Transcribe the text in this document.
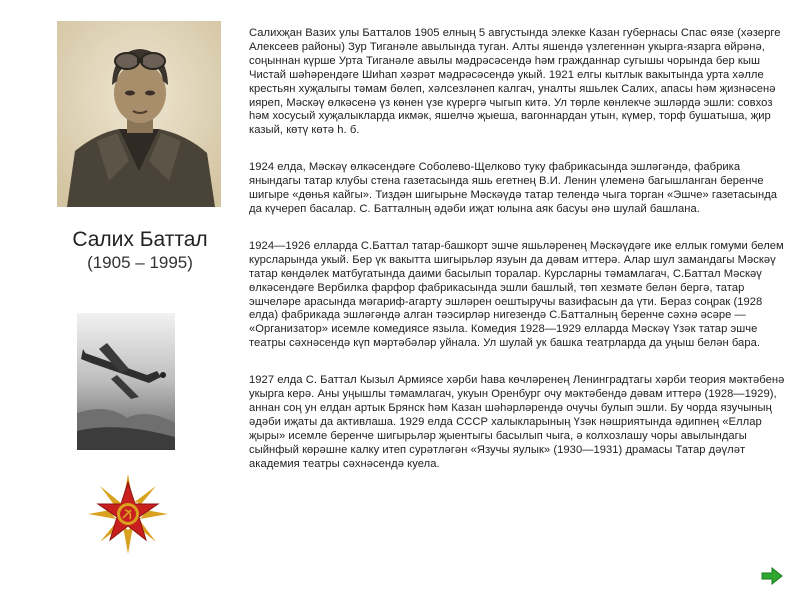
Салих Баттал
(1905 – 1995)

Салихҗан Вазих улы Батталов 1905 елның 5 августында элекке Казан губернасы Спас өязе (хәзерге Алексеев районы) Зур Тиганәле авылында туган. Алты яшендә үзлегеннән укырга-язарга өйрәнә, соңыннан күрше Урта Тиганәле авылы мәдрәсәсендә һәм гражданнар сугышы чорында бер кыш Чистай шәһәрендәге Шиһап хәзрәт мәдрәсәсендә укый. 1921 елгы кытлык вакытында урта хәлле крестьян хуҗалыгы тәмам бөлеп, хәлсезләнеп калгач, уналты яшьлек Салих, апасы һәм җизнәсенә ияреп, Мәскәү өлкәсенә үз көнен үзе күрергә чыгып китә. Ул төрле көнлекче эшләрдә эшли: совхоз һәм хосусый хуҗалыкларда икмәк, яшелчә җыеша, вагоннардан утын, күмер, торф бушатыша, җир казый, көтү көтә h. б.

1924 елда, Мәскәү өлкәсендәге Соболево-Щелково туку фабрикасында эшләгәндә, фабрика янындагы татар клубы стена газетасында яшь егетнең В.И. Ленин үлеменә багышланган беренче шигыре «дөнья кайгы». Тиздән шигырьне Мәскәүдә татар телендә чыга торган «Эшче» газетасында да күчереп басалар. С. Батталның әдәби иҗат юлына аяк басуы әнә шулай башлана.

1924—1926 елларда С.Баттал татар-башкорт эшче яшьләренең Мәскәүдәге ике еллык гомуми белем курсларында укый. Бер үк вакытта шигырьләр язуын да дәвам иттерә. Алар шул замандагы Мәскәү татар көндәлек матбугатында даими басылып торалар. Курсларны тәмамлагач, С.Баттал Мәскәү өлкәсендәге Вербилка фарфор фабрикасында эшли башлый, төп хезмәте белән бергә, татар эшчеләре арасында мәгариф-агарту эшләрен оештыручы вазифасын да үти. Бераз соңрак (1928 елда) фабрикада эшләгәндә алган тәэсирләр нигезендә С.Батталның беренче сәхнә әсәре — «Организатор» исемле комедиясе языла. Комедия 1928—1929 елларда Мәскәү Үзәк татар эшче театры сәхнәсендә күп мәртәбәләр уйнала. Ул шулай ук башка театрларда да уңыш белән бара.

1927 елда С. Баттал Кызыл Армиясе хәрби hава көчләренең Ленинградтагы хәрби теория мәктәбенә укырга керә. Аны уңышлы тәмамлагач, укуын Оренбург очу мәктәбендә дәвам иттерә (1928—1929), аннан соң ун елдан артык Брянск һәм Казан шәһәрләрендә очучы булып эшли. Бу чорда язучының әдәби иҗаты да активлаша. 1929 елда СССР халыкларының Үзәк нәшриятында әдипнең «Еллар җыры» исемле беренче шигырьләр җыентыгы басылып чыга, ә колхозлашу чоры авылындагы сыйнфый көрәшне калку итеп сурәтләгән «Язучы яулык» (1930—1931) драмасы Татар дәүләт академия театры сәхнәсендә куела.
